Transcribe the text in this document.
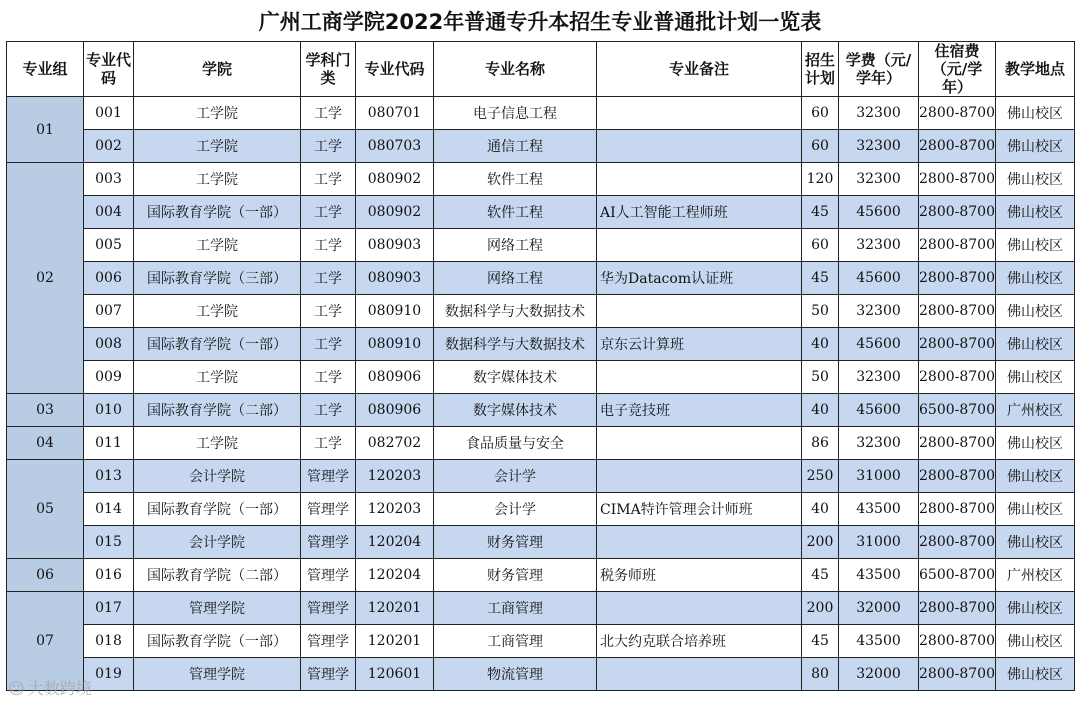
广州工商学院2022年普通专升本招生专业普通批计划一览表
专业组	专业代码	学院	学科门类	专业代码	专业名称	专业备注	招生计划	学费（元/学年）	住宿费（元/学年）	教学地点

01	001	工学院	工学	080701	电子信息工程		60	32300	2800-8700	佛山校区
	002	工学院	工学	080703	通信工程		60	32300	2800-8700	佛山校区
02	003	工学院	工学	080902	软件工程		120	32300	2800-8700	佛山校区
	004	国际教育学院（一部）	工学	080902	软件工程	AI人工智能工程师班	45	45600	2800-8700	佛山校区
	005	工学院	工学	080903	网络工程		60	32300	2800-8700	佛山校区
	006	国际教育学院（三部）	工学	080903	网络工程	华为Datacom认证班	45	45600	2800-8700	佛山校区
	007	工学院	工学	080910	数据科学与大数据技术		50	32300	2800-8700	佛山校区
	008	国际教育学院（一部）	工学	080910	数据科学与大数据技术	京东云计算班	40	45600	2800-8700	佛山校区
	009	工学院	工学	080906	数字媒体技术		50	32300	2800-8700	佛山校区
03	010	国际教育学院（二部）	工学	080906	数字媒体技术	电子竞技班	40	45600	6500-8700	广州校区
04	011	工学院	工学	082702	食品质量与安全		86	32300	2800-8700	佛山校区
05	013	会计学院	管理学	120203	会计学		250	31000	2800-8700	佛山校区
	014	国际教育学院（一部）	管理学	120203	会计学	CIMA特许管理会计师班	40	43500	2800-8700	佛山校区
	015	会计学院	管理学	120204	财务管理		200	31000	2800-8700	佛山校区
06	016	国际教育学院（二部）	管理学	120204	财务管理	税务师班	45	43500	6500-8700	广州校区
07	017	管理学院	管理学	120201	工商管理		200	32000	2800-8700	佛山校区
	018	国际教育学院（一部）	管理学	120201	工商管理	北大约克联合培养班	45	43500	2800-8700	佛山校区
	019	管理学院	管理学	120601	物流管理		80	32000	2800-8700	佛山校区
☺ 大数跨境
